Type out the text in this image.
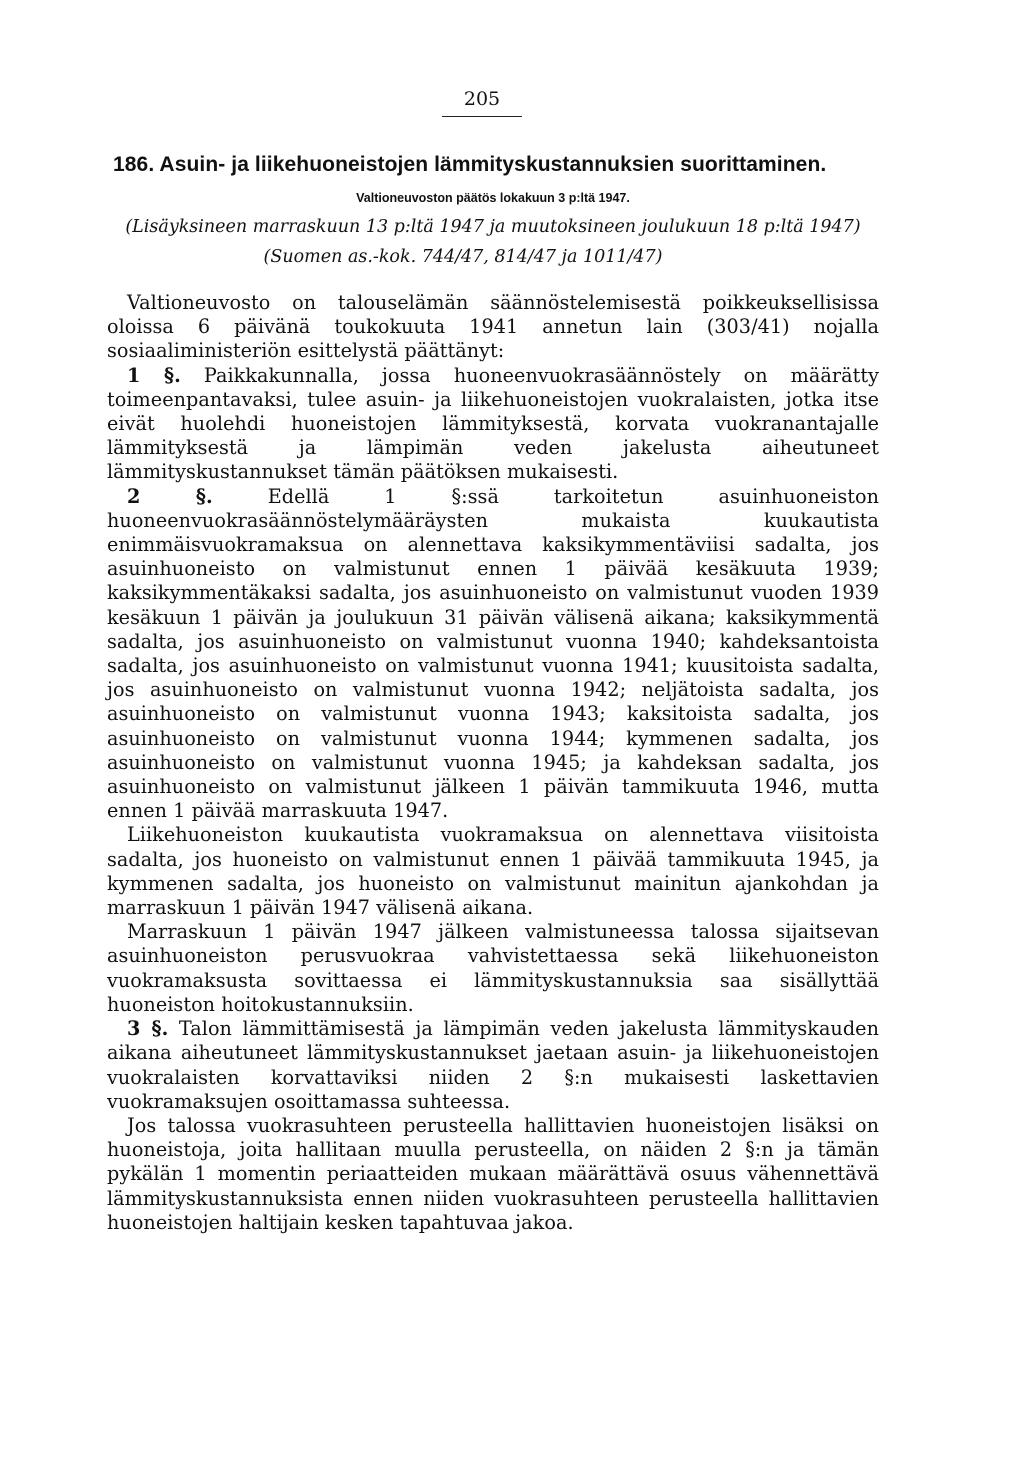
205
186. Asuin- ja liikehuoneistojen lämmityskustannuksien suorittaminen.
Valtioneuvoston päätös lokakuun 3 p:ltä 1947.
(Lisäyksineen marraskuun 13 p:ltä 1947 ja muutoksineen joulukuun 18 p:ltä 1947)
(Suomen as.-kok. 744/47, 814/47 ja 1011/47)

Valtioneuvosto on talouselämän säännöstelemisestä poikkeuksellisissa oloissa 6 päivänä toukokuuta 1941 annetun lain (303/41) nojalla sosiaaliministeriön esittelystä päättänyt:

1 §. Paikkakunnalla, jossa huoneenvuokrasäännöstely on määrätty toimeenpantavaksi, tulee asuin- ja liikehuoneistojen vuokralaisten, jotka itse eivät huolehdi huoneistojen lämmityksestä, korvata vuokranantajalle lämmityksestä ja lämpimän veden jakelusta aiheutuneet lämmityskustannukset tämän päätöksen mukaisesti.

2 §. Edellä 1 §:ssä tarkoitetun asuinhuoneiston huoneenvuokrasäännöstelymääräysten mukaista kuukautista enimmäisvuokramaksua on alennettava kaksikymmentäviisi sadalta, jos asuinhuoneisto on valmistunut ennen 1 päivää kesäkuuta 1939; kaksikymmentäkaksi sadalta, jos asuinhuoneisto on valmistunut vuoden 1939 kesäkuun 1 päivän ja joulukuun 31 päivän välisenä aikana; kaksikymmentä sadalta, jos asuinhuoneisto on valmistunut vuonna 1940; kahdeksantoista sadalta, jos asuinhuoneisto on valmistunut vuonna 1941; kuusitoista sadalta, jos asuinhuoneisto on valmistunut vuonna 1942; neljätoista sadalta, jos asuinhuoneisto on valmistunut vuonna 1943; kaksitoista sadalta, jos asuinhuoneisto on valmistunut vuonna 1944; kymmenen sadalta, jos asuinhuoneisto on valmistunut vuonna 1945; ja kahdeksan sadalta, jos asuinhuoneisto on valmistunut jälkeen 1 päivän tammikuuta 1946, mutta ennen 1 päivää marraskuuta 1947.

Liikehuoneiston kuukautista vuokramaksua on alennettava viisitoista sadalta, jos huoneisto on valmistunut ennen 1 päivää tammikuuta 1945, ja kymmenen sadalta, jos huoneisto on valmistunut mainitun ajankohdan ja marraskuun 1 päivän 1947 välisenä aikana.

Marraskuun 1 päivän 1947 jälkeen valmistuneessa talossa sijaitsevan asuinhuoneiston perusvuokraa vahvistettaessa sekä liikehuoneiston vuokramaksusta sovittaessa ei lämmityskustannuksia saa sisällyttää huoneiston hoitokustannuksiin.

3 §. Talon lämmittämisestä ja lämpimän veden jakelusta lämmityskauden aikana aiheutuneet lämmityskustannukset jaetaan asuin- ja liikehuoneistojen vuokralaisten korvattaviksi niiden 2 §:n mukaisesti laskettavien vuokramaksujen osoittamassa suhteessa.

Jos talossa vuokrasuhteen perusteella hallittavien huoneistojen lisäksi on huoneistoja, joita hallitaan muulla perusteella, on näiden 2 §:n ja tämän pykälän 1 momentin periaatteiden mukaan määrättävä osuus vähennettävä lämmityskustannuksista ennen niiden vuokrasuhteen perusteella hallittavien huoneistojen haltijain kesken tapahtuvaa jakoa.
